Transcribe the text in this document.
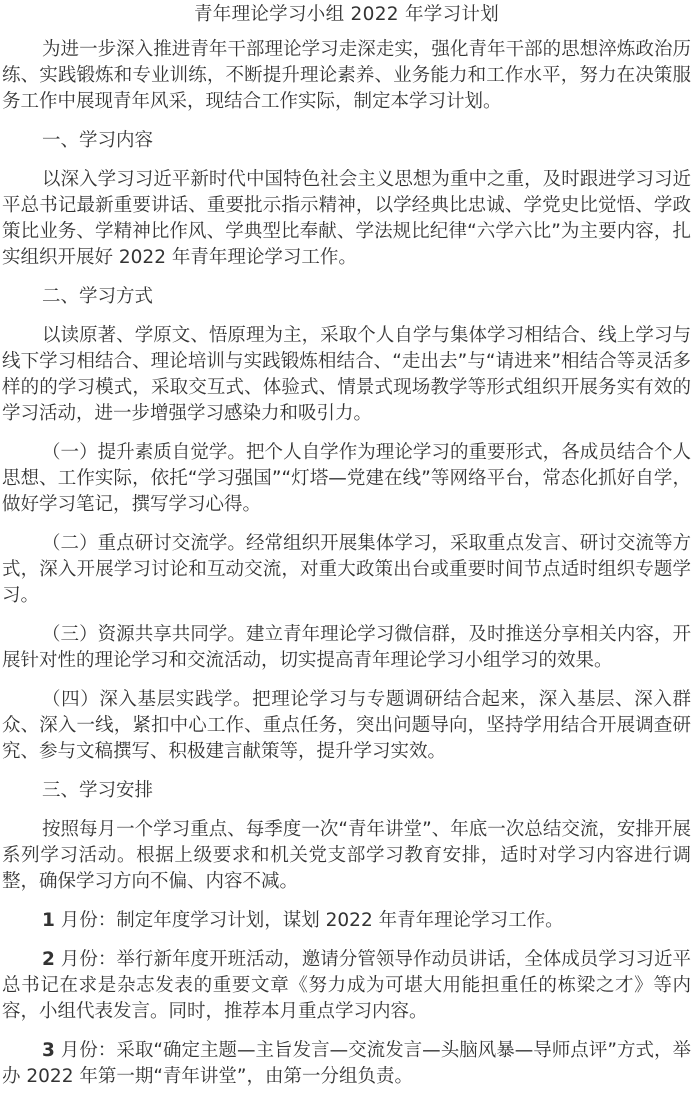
青年理论学习小组 2022 年学习计划

为进一步深入推进青年干部理论学习走深走实，强化青年干部的思想淬炼政治历练、实践锻炼和专业训练，不断提升理论素养、业务能力和工作水平，努力在决策服务工作中展现青年风采，现结合工作实际，制定本学习计划。

一、学习内容

以深入学习习近平新时代中国特色社会主义思想为重中之重，及时跟进学习习近平总书记最新重要讲话、重要批示指示精神，以学经典比忠诚、学党史比觉悟、学政策比业务、学精神比作风、学典型比奉献、学法规比纪律“六学六比”为主要内容，扎实组织开展好 2022 年青年理论学习工作。

二、学习方式

以读原著、学原文、悟原理为主，采取个人自学与集体学习相结合、线上学习与线下学习相结合、理论培训与实践锻炼相结合、“走出去”与“请进来”相结合等灵活多样的的学习模式，采取交互式、体验式、情景式现场教学等形式组织开展务实有效的学习活动，进一步增强学习感染力和吸引力。

（一）提升素质自觉学。把个人自学作为理论学习的重要形式，各成员结合个人思想、工作实际，依托“学习强国”“灯塔—党建在线”等网络平台，常态化抓好自学，做好学习笔记，撰写学习心得。

（二）重点研讨交流学。经常组织开展集体学习，采取重点发言、研讨交流等方式，深入开展学习讨论和互动交流，对重大政策出台或重要时间节点适时组织专题学习。

（三）资源共享共同学。建立青年理论学习微信群，及时推送分享相关内容，开展针对性的理论学习和交流活动，切实提高青年理论学习小组学习的效果。

（四）深入基层实践学。把理论学习与专题调研结合起来，深入基层、深入群众、深入一线，紧扣中心工作、重点任务，突出问题导向，坚持学用结合开展调查研究、参与文稿撰写、积极建言献策等，提升学习实效。

三、学习安排

按照每月一个学习重点、每季度一次“青年讲堂”、年底一次总结交流，安排开展系列学习活动。根据上级要求和机关党支部学习教育安排，适时对学习内容进行调整，确保学习方向不偏、内容不减。

1 月份：制定年度学习计划，谋划 2022 年青年理论学习工作。

2 月份：举行新年度开班活动，邀请分管领导作动员讲话，全体成员学习习近平总书记在求是杂志发表的重要文章《努力成为可堪大用能担重任的栋梁之才》等内容，小组代表发言。同时，推荐本月重点学习内容。

3 月份：采取“确定主题—主旨发言—交流发言—头脑风暴—导师点评”方式，举办 2022 年第一期“青年讲堂”，由第一分组负责。
